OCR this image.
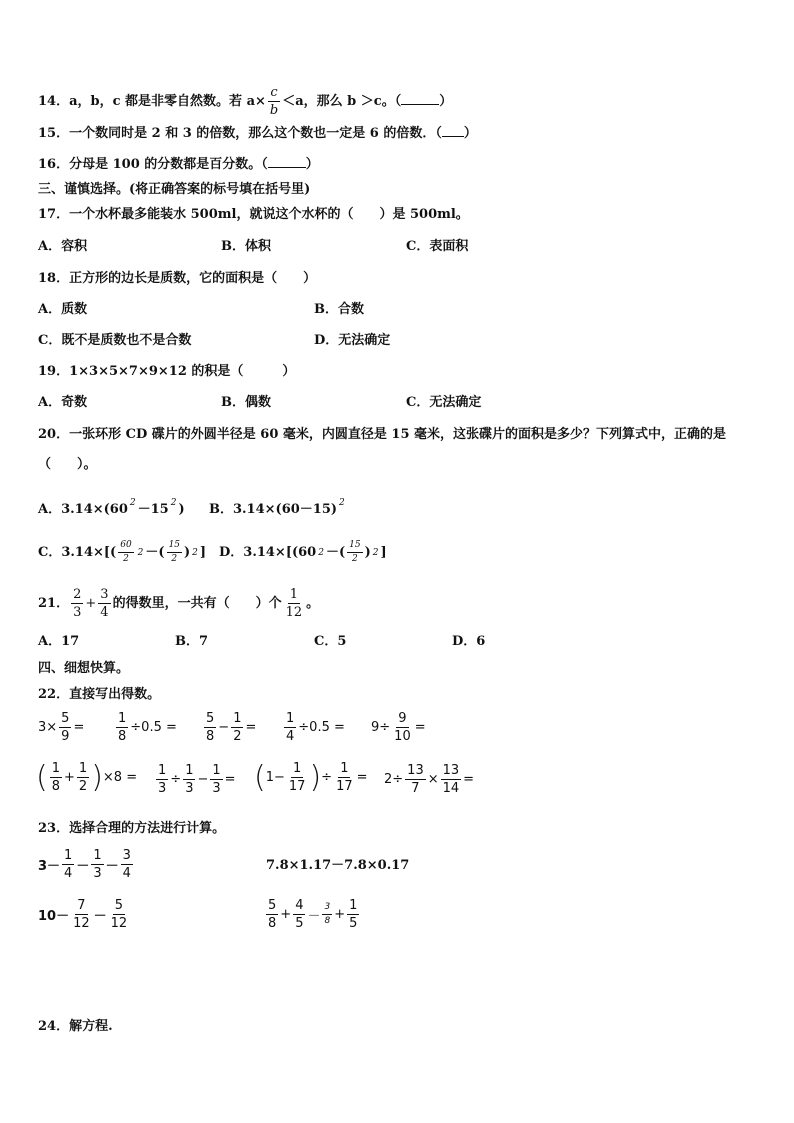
14．a，b，c 都是非零自然数。若 $a\times \frac{c}{b} <a$，那么 b ＞c。（	）
15．一个数同时是 2 和 3 的倍数，那么这个数也一定是 6 的倍数．（ ）
16．分母是 100 的分数都是百分数。（	）
三、谨慎选择。(将正确答案的标号填在括号里)
17．一个水杯最多能装水 500ml，就说这个水杯的（　　）是 500ml。
A．容积	B．体积	C．表面积
18．正方形的边长是质数，它的面积是（　　）
A．质数	B．合数
C．既不是质数也不是合数	D．无法确定
19．1×3×5×7×9×12 的积是（　　　）
A．奇数	B．偶数	C．无法确定
20．一张环形 CD 碟片的外圆半径是 60 毫米，内圆直径是 15 毫米，这张碟片的面积是多少？下列算式中，正确的是
（　　）。
A．3.14×(60 $^2$ －15 $^2$ ) B．3.14×(60－15) $^2$
C．$3.14\times[( \frac{60}{2} 2$ －( $\frac{15}{2}$ ) 2 ] D．3.14×[(60 2 －( $\frac{15}{2}$ ) 2 ]
21． $\frac{2}{3} + \frac{3}{4}$ 的得数里，一共有（　　）个 $\frac{1}{12}$ 。
A．17	B．7	C．5	D．6
四、细想快算。
22．直接写出得数。
$3\times \frac{5}{9} = \frac{1}{8} \div 0.5 = \frac{5}{8} - \frac{1}{2} = \frac{1}{4} \div 0.5 = 9\div \frac{9}{10}$ =
( $\frac{1}{8} + \frac{1}{2}$ ) $\times 8 = \frac{1}{3} \div \frac{1}{3} - \frac{1}{3}$ = ( $1- \frac{1}{17}$ ) ÷ $\frac{1}{17} = 2\div \frac{13}{7} \times \frac{13}{14}$ =
23．选择合理的方法进行计算。
$3- \frac{1}{4} - \frac{1}{3} - \frac{3}{4}$	7.8×1.17－7.8×0.17
$10- \frac{7}{12} - \frac{5}{12}$	$\frac{5}{8} + \frac{4}{5} - \frac{3}{8} + \frac{1}{5}$
24．解方程.
